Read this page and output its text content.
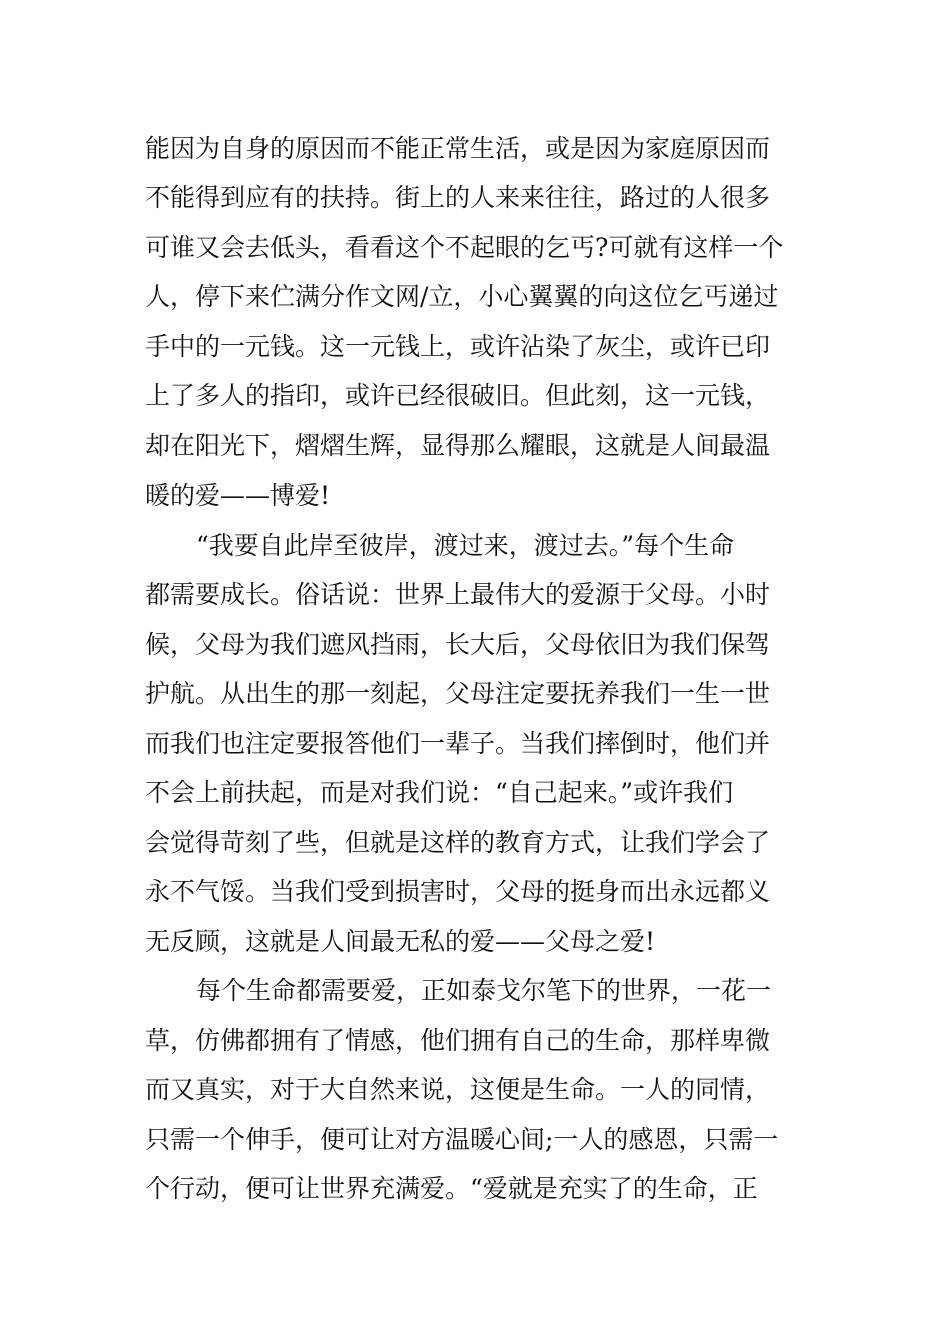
能因为自身的原因而不能正常生活，或是因为家庭原因而
不能得到应有的扶持。街上的人来来往往，路过的人很多
可谁又会去低头，看看这个不起眼的乞丐?可就有这样一个
人，停下来伫满分作文网/立，小心翼翼的向这位乞丐递过
手中的一元钱。这一元钱上，或许沾染了灰尘，或许已印
上了多人的指印，或许已经很破旧。但此刻，这一元钱，
却在阳光下，熠熠生辉，显得那么耀眼，这就是人间最温
暖的爱——博爱!
“我要自此岸至彼岸，渡过来，渡过去。”每个生命
都需要成长。俗话说：世界上最伟大的爱源于父母。小时
候，父母为我们遮风挡雨，长大后，父母依旧为我们保驾
护航。从出生的那一刻起，父母注定要抚养我们一生一世
而我们也注定要报答他们一辈子。当我们摔倒时，他们并
不会上前扶起，而是对我们说：“自己起来。”或许我们
会觉得苛刻了些，但就是这样的教育方式，让我们学会了
永不气馁。当我们受到损害时，父母的挺身而出永远都义
无反顾，这就是人间最无私的爱——父母之爱!
每个生命都需要爱，正如泰戈尔笔下的世界，一花一
草，仿佛都拥有了情感，他们拥有自己的生命，那样卑微
而又真实，对于大自然来说，这便是生命。一人的同情，
只需一个伸手，便可让对方温暖心间;一人的感恩，只需一
个行动，便可让世界充满爱。“爱就是充实了的生命，正
